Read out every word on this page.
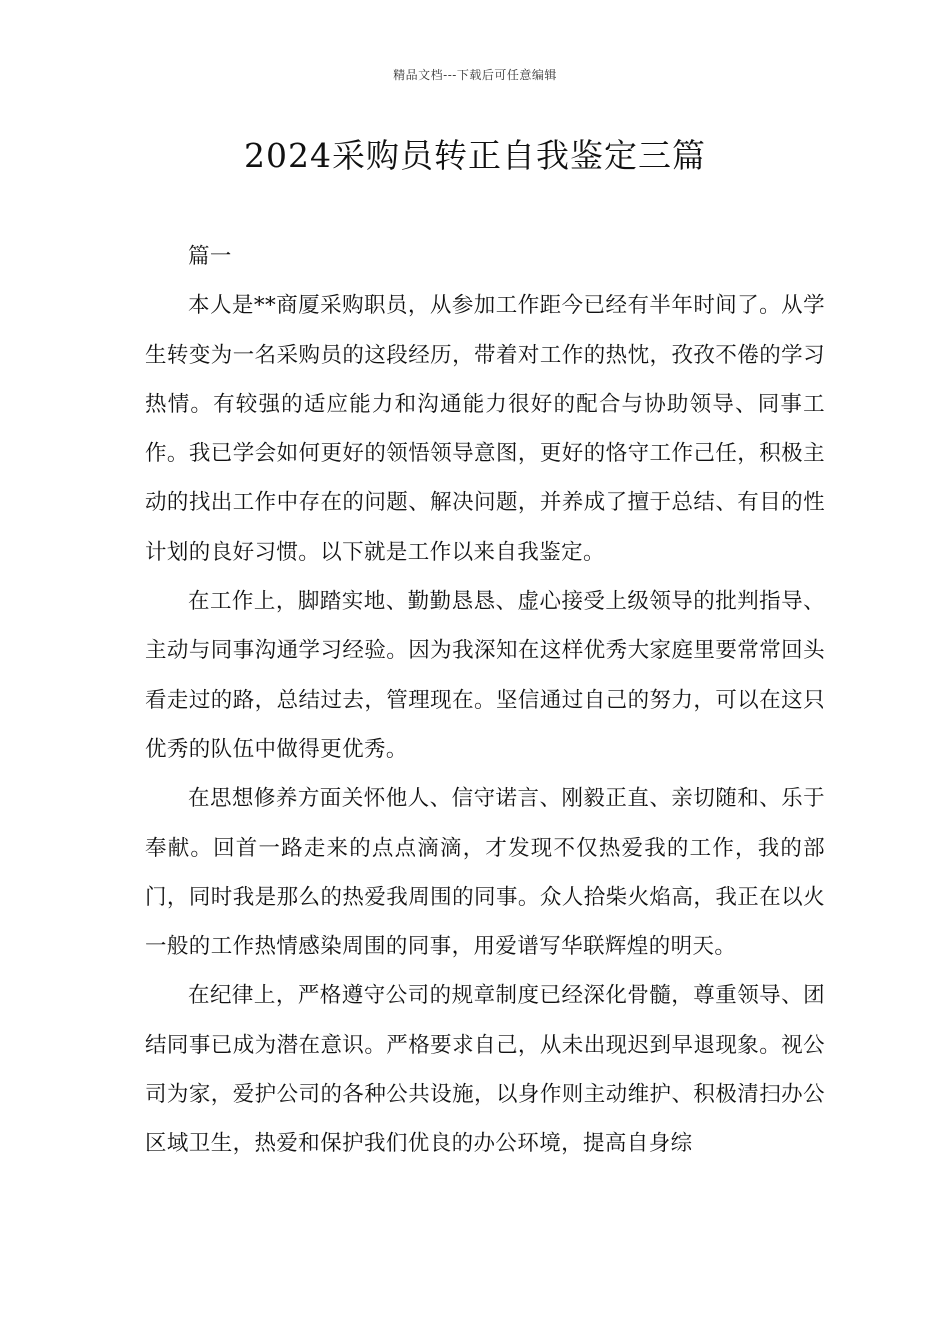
精品文档---下载后可任意编辑
2024采购员转正自我鉴定三篇

篇一

本人是**商厦采购职员，从参加工作距今已经有半年时间了。从学生转变为一名采购员的这段经历，带着对工作的热忱，孜孜不倦的学习热情。有较强的适应能力和沟通能力很好的配合与协助领导、同事工作。我已学会如何更好的领悟领导意图，更好的恪守工作己任，积极主动的找出工作中存在的问题、解决问题，并养成了擅于总结、有目的性计划的良好习惯。以下就是工作以来自我鉴定。

在工作上，脚踏实地、勤勤恳恳、虚心接受上级领导的批判指导、主动与同事沟通学习经验。因为我深知在这样优秀大家庭里要常常回头看走过的路，总结过去，管理现在。坚信通过自己的努力，可以在这只优秀的队伍中做得更优秀。

在思想修养方面关怀他人、信守诺言、刚毅正直、亲切随和、乐于奉献。回首一路走来的点点滴滴，才发现不仅热爱我的工作，我的部门，同时我是那么的热爱我周围的同事。众人拾柴火焰高，我正在以火一般的工作热情感染周围的同事，用爱谱写华联辉煌的明天。

在纪律上，严格遵守公司的规章制度已经深化骨髓，尊重领导、团结同事已成为潜在意识。严格要求自己，从未出现迟到早退现象。视公司为家，爱护公司的各种公共设施，以身作则主动维护、积极清扫办公区域卫生，热爱和保护我们优良的办公环境，提高自身综
